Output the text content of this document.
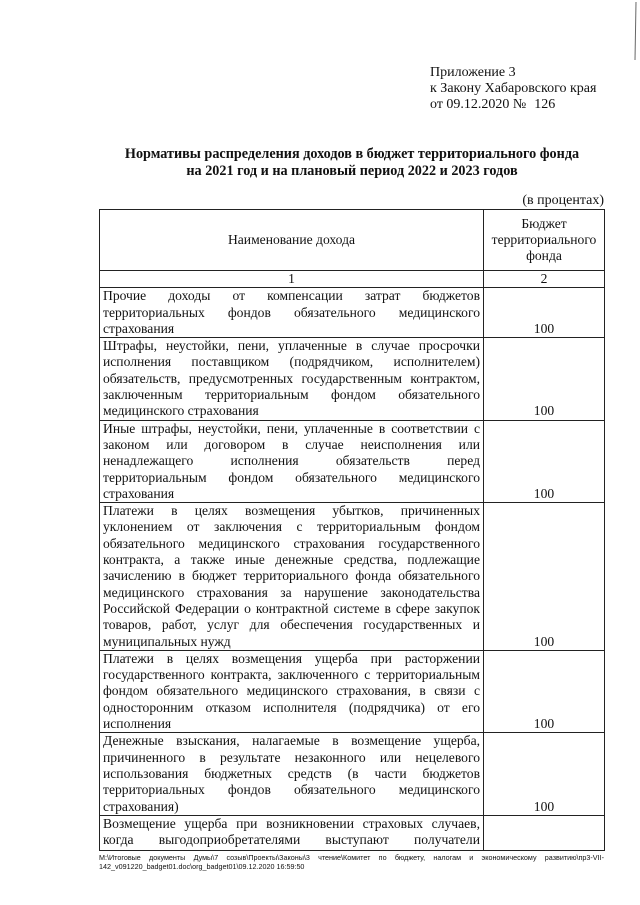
Приложение 3
к Закону Хабаровского края
от 09.12.2020 № 126
Нормативы распределения доходов в бюджет территориального фонда
на 2021 год и на плановый период 2022 и 2023 годов
(в процентах)
Наименование дохода	Бюджет территориального фонда
1	2

Прочие доходы от компенсации затрат бюджетов территориальных фондов обязательного медицинского страхования	100

Штрафы, неустойки, пени, уплаченные в случае просрочки исполнения поставщиком (подрядчиком, исполнителем) обязательств, предусмотренных государственным контрактом, заключенным территориальным фондом обязательного медицинского страхования	100

Иные штрафы, неустойки, пени, уплаченные в соответствии с законом или договором в случае неисполнения или ненадлежащего исполнения обязательств перед территориальным фондом обязательного медицинского страхования	100

Платежи в целях возмещения убытков, причиненных уклонением от заключения с территориальным фондом обязательного медицинского страхования государственного контракта, а также иные денежные средства, подлежащие зачислению в бюджет территориального фонда обязательного медицинского страхования за нарушение законодательства Российской Федерации о контрактной системе в сфере закупок товаров, работ, услуг для обеспечения государственных и муниципальных нужд	100

Платежи в целях возмещения ущерба при расторжении государственного контракта, заключенного с территориальным фондом обязательного медицинского страхования, в связи с односторонним отказом исполнителя (подрядчика) от его исполнения	100

Денежные взыскания, налагаемые в возмещение ущерба, причиненного в результате незаконного или нецелевого использования бюджетных средств (в части бюджетов территориальных фондов обязательного медицинского страхования)	100

Возмещение ущерба при возникновении страховых случаев, когда выгодоприобретателями выступают получатели	

M:\Итоговые документы Думы\7 созыв\Проекты\Законы\3 чтение\Комитет по бюджету, налогам и экономическому развитию\пр3-VII-142_v091220_badget01.doc\org_badget01\09.12.2020 16:59:50
